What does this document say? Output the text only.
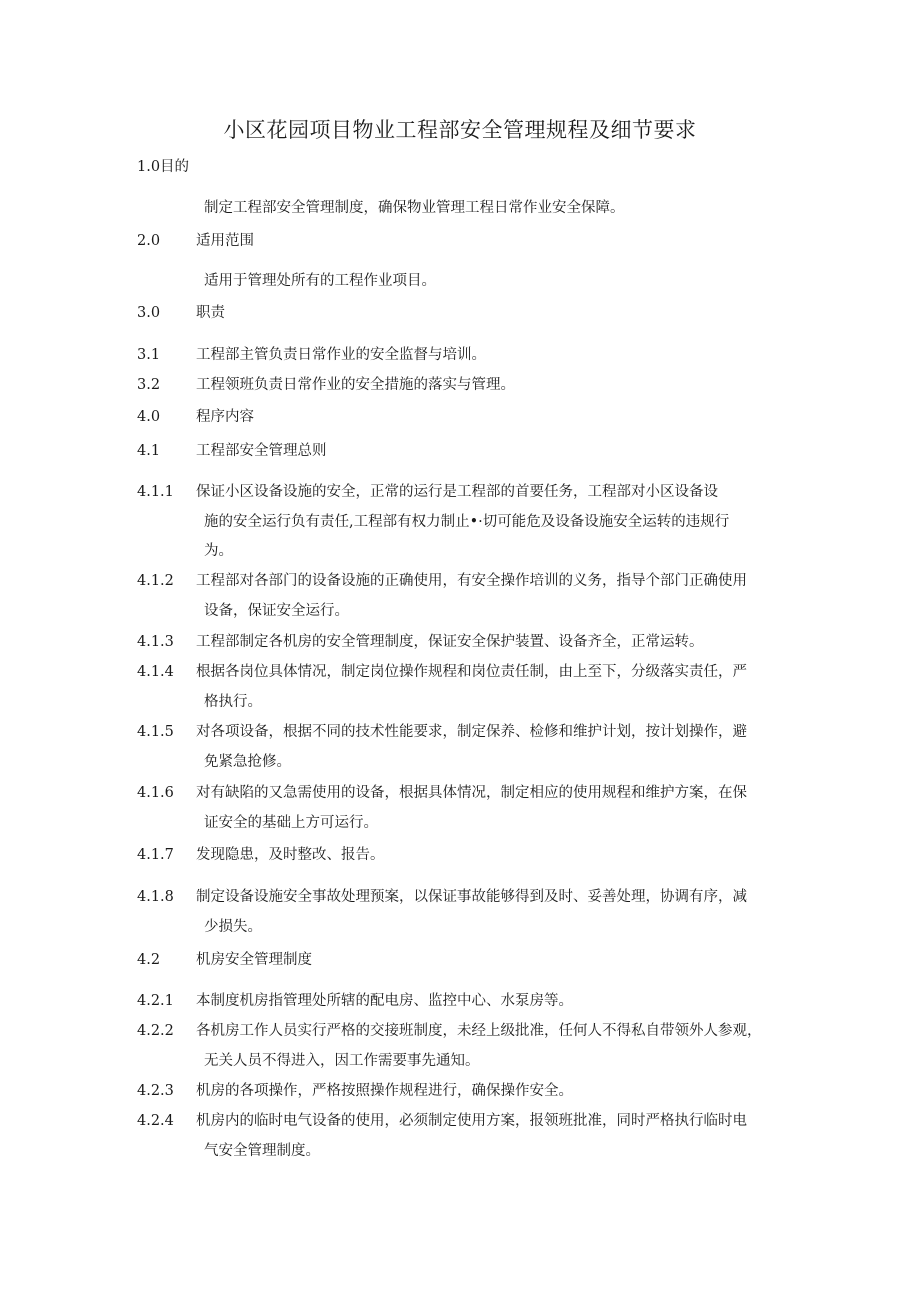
小区花园项目物业工程部安全管理规程及细节要求
1.0目的
制定工程部安全管理制度，确保物业管理工程日常作业安全保障。
2.0 适用范围
适用于管理处所有的工程作业项目。
3.0 职责
3.1 工程部主管负责日常作业的安全监督与培训。
3.2 工程领班负责日常作业的安全措施的落实与管理。
4.0 程序内容
4.1 工程部安全管理总则
4.1.1 保证小区设备设施的安全，正常的运行是工程部的首要任务，工程部对小区设备设
施的安全运行负有责任,工程部有权力制止•·切可能危及设备设施安全运转的违规行
为。
4.1.2 工程部对各部门的设备设施的正确使用，有安全操作培训的义务，指导个部门正确使用
设备，保证安全运行。
4.1.3 工程部制定各机房的安全管理制度，保证安全保护装置、设备齐全，正常运转。
4.1.4 根据各岗位具体情况，制定岗位操作规程和岗位责任制，由上至下，分级落实责任，严
格执行。
4.1.5 对各项设备，根据不同的技术性能要求，制定保养、检修和维护计划，按计划操作，避
免紧急抢修。
4.1.6 对有缺陷的又急需使用的设备，根据具体情况，制定相应的使用规程和维护方案，在保
证安全的基础上方可运行。
4.1.7 发现隐患，及时整改、报告。
4.1.8 制定设备设施安全事故处理预案，以保证事故能够得到及时、妥善处理，协调有序，减
少损失。
4.2 机房安全管理制度
4.2.1 本制度机房指管理处所辖的配电房、监控中心、水泵房等。
4.2.2 各机房工作人员实行严格的交接班制度，未经上级批准，任何人不得私自带领外人参观，
无关人员不得进入，因工作需要事先通知。
4.2.3 机房的各项操作，严格按照操作规程进行，确保操作安全。
4.2.4 机房内的临时电气设备的使用，必须制定使用方案，报领班批准，同时严格执行临时电
气安全管理制度。
